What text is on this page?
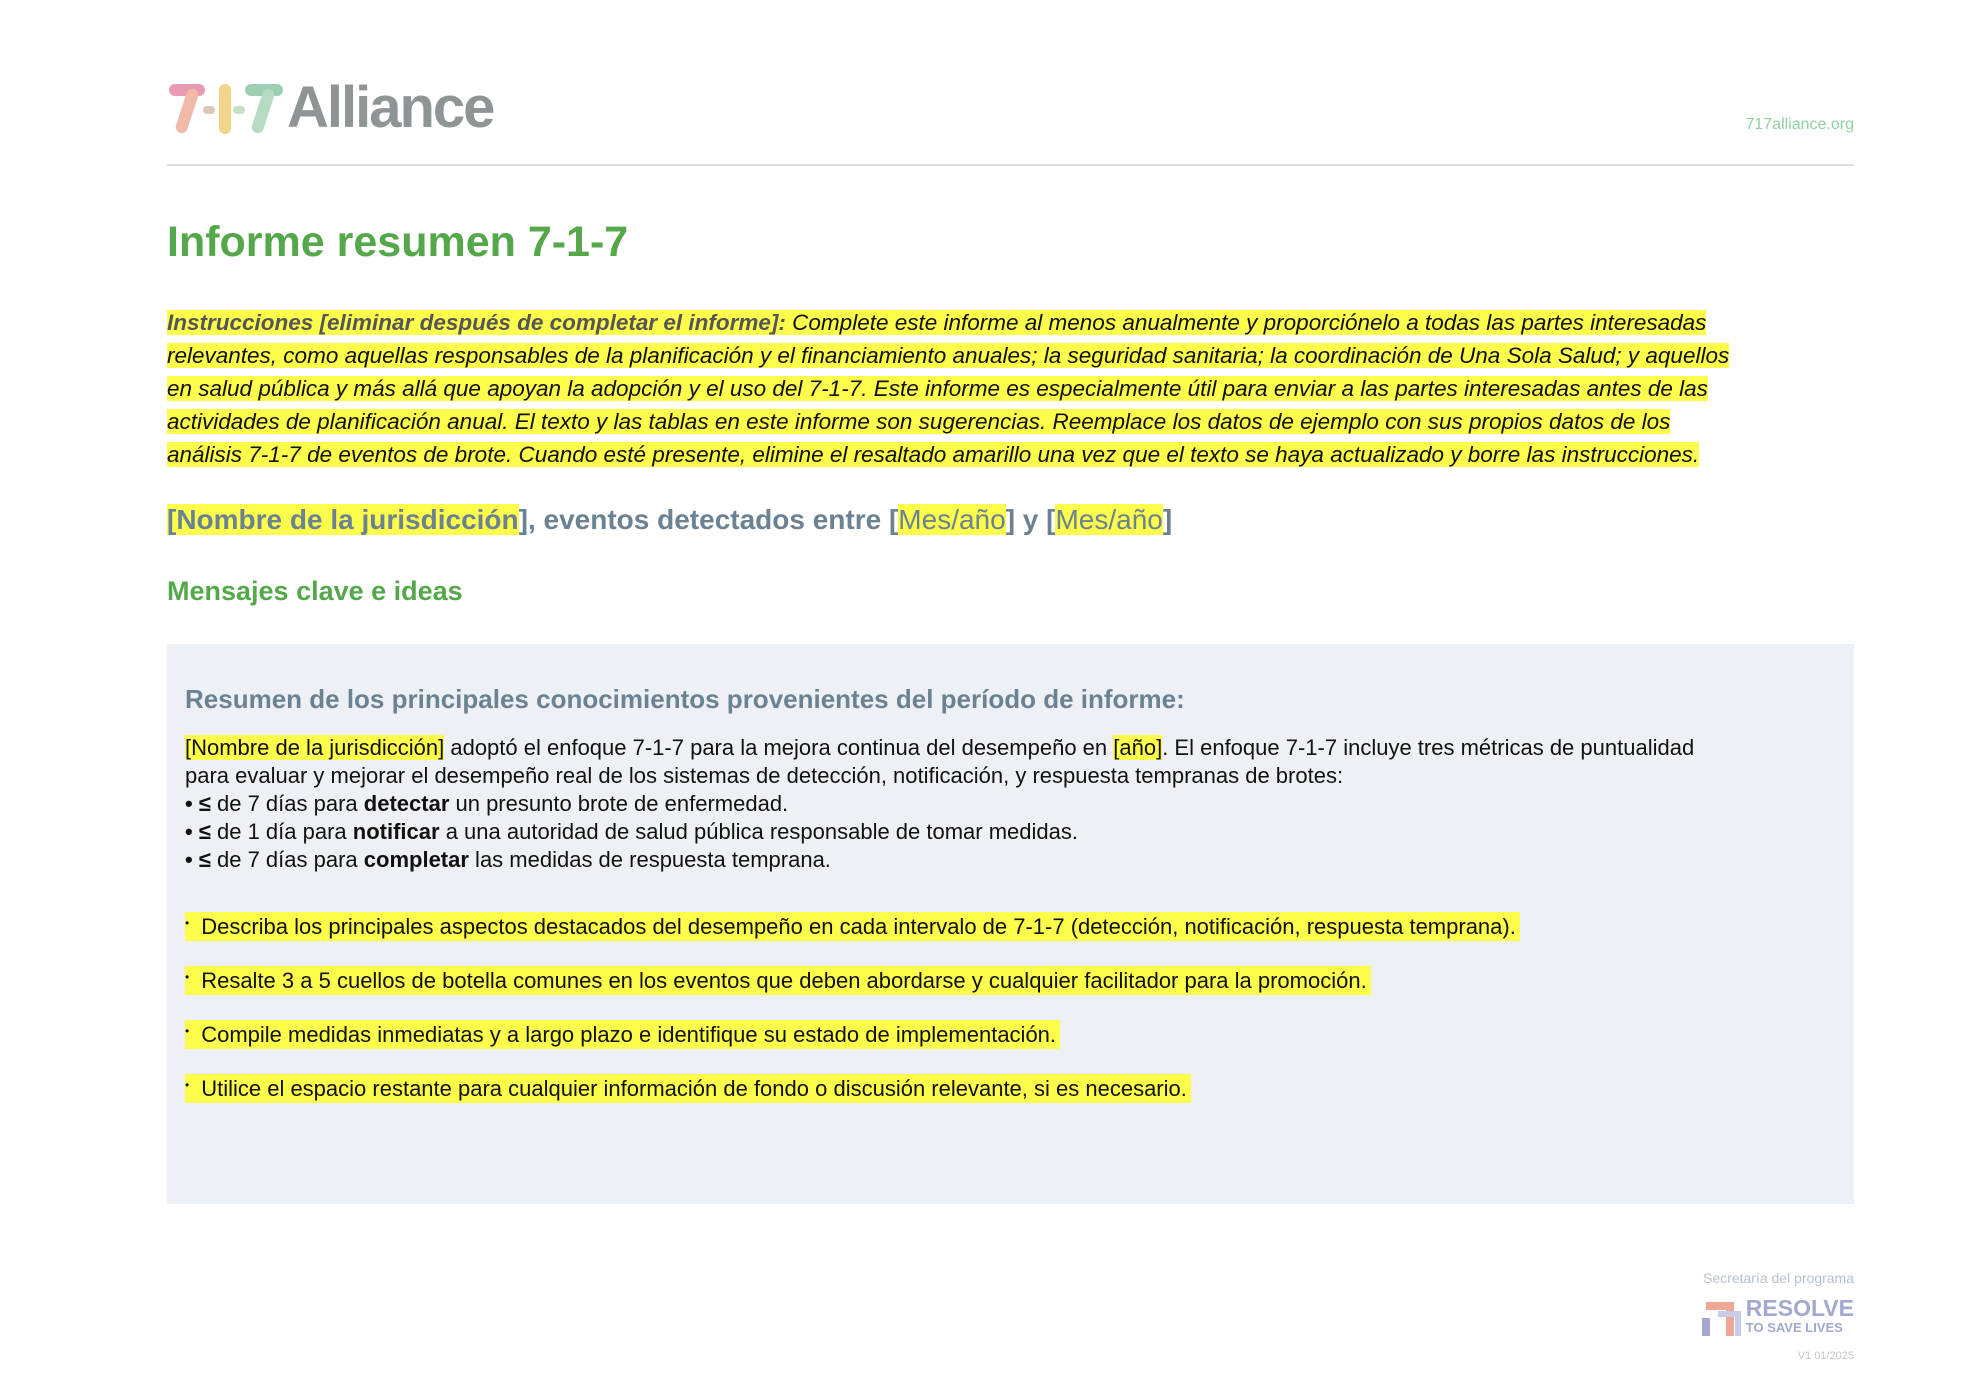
Alliance	717alliance.org
Informe resumen 7-1-7
Instrucciones [eliminar después de completar el informe]: Complete este informe al menos anualmente y proporciónelo a todas las partes interesadas
relevantes, como aquellas responsables de la planificación y el financiamiento anuales; la seguridad sanitaria; la coordinación de Una Sola Salud; y aquellos
en salud pública y más allá que apoyan la adopción y el uso del 7-1-7. Este informe es especialmente útil para enviar a las partes interesadas antes de las
actividades de planificación anual. El texto y las tablas en este informe son sugerencias. Reemplace los datos de ejemplo con sus propios datos de los
análisis 7-1-7 de eventos de brote. Cuando esté presente, elimine el resaltado amarillo una vez que el texto se haya actualizado y borre las instrucciones.
[Nombre de la jurisdicción], eventos detectados entre [Mes/año] y [Mes/año]
Mensajes clave e ideas
Resumen de los principales conocimientos provenientes del período de informe:
[Nombre de la jurisdicción] adoptó el enfoque 7-1-7 para la mejora continua del desempeño en [año]. El enfoque 7-1-7 incluye tres métricas de puntualidad
para evaluar y mejorar el desempeño real de los sistemas de detección, notificación, y respuesta tempranas de brotes:
• ≤ de 7 días para detectar un presunto brote de enfermedad.
• ≤ de 1 día para notificar a una autoridad de salud pública responsable de tomar medidas.
• ≤ de 7 días para completar las medidas de respuesta temprana.
• Describa los principales aspectos destacados del desempeño en cada intervalo de 7-1-7 (detección, notificación, respuesta temprana).
• Resalte 3 a 5 cuellos de botella comunes en los eventos que deben abordarse y cualquier facilitador para la promoción.
• Compile medidas inmediatas y a largo plazo e identifique su estado de implementación.
• Utilice el espacio restante para cualquier información de fondo o discusión relevante, si es necesario.
Secretaría del programa
RESOLVE
TO SAVE LIVES
V1 01/2025
